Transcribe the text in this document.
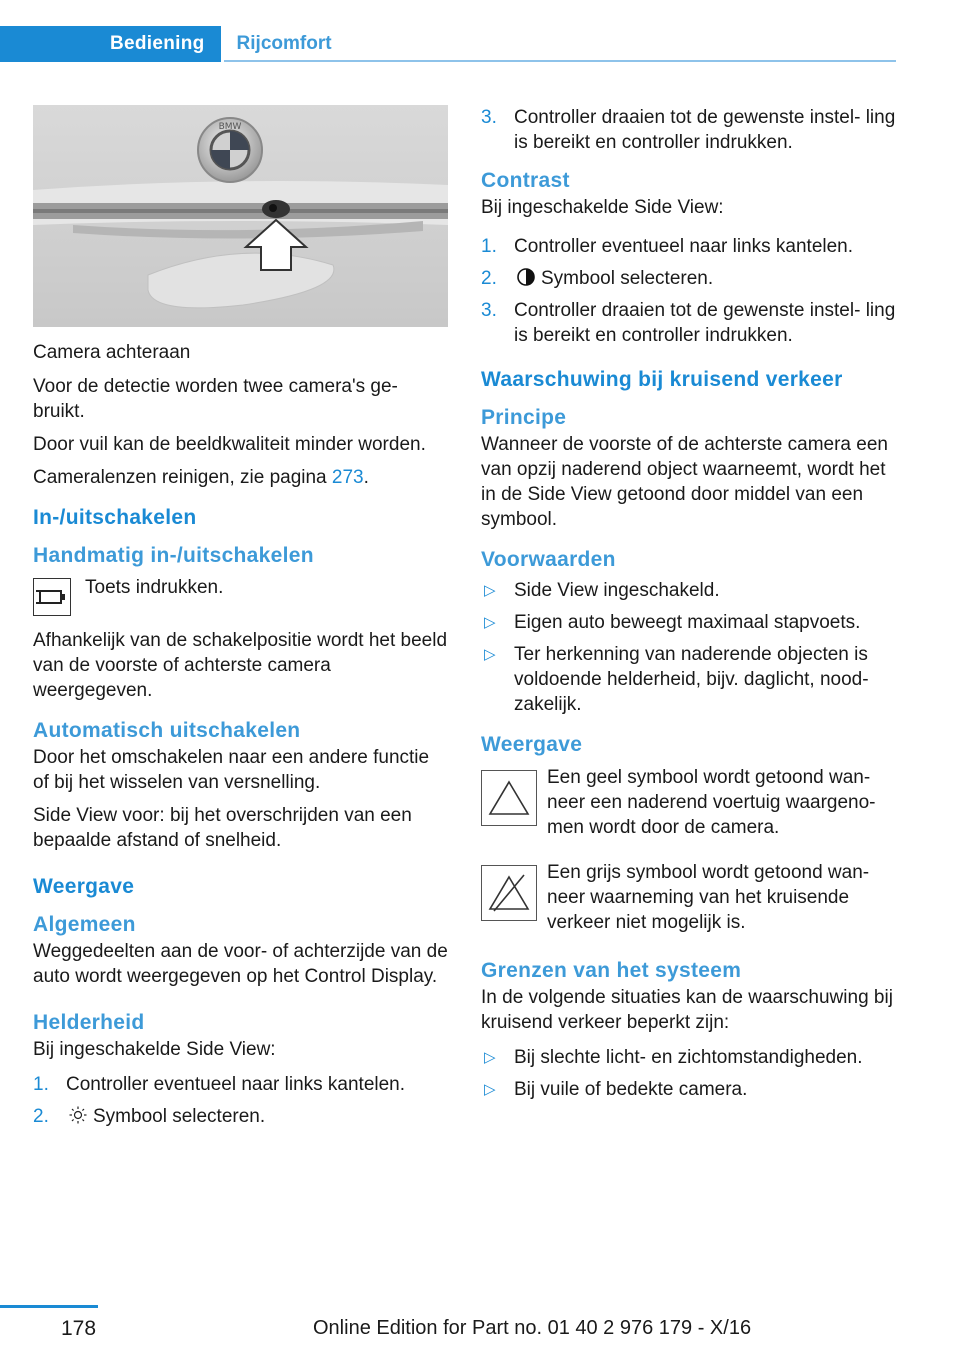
Bediening	Rijcomfort
BMW

Camera achteraan

Voor de detectie worden twee camera's ge‐ bruikt.

Door vuil kan de beeldkwaliteit minder worden.

Cameralenzen reinigen, zie pagina 273.

In-/uitschakelen
Handmatig in-/uitschakelen

Toets indrukken.

Afhankelijk van de schakelpositie wordt het beeld van de voorste of achterste camera weergegeven.

Automatisch uitschakelen

Door het omschakelen naar een andere functie of bij het wisselen van versnelling.

Side View voor: bij het overschrijden van een bepaalde afstand of snelheid.

Weergave
Algemeen

Weggedeelten aan de voor- of achterzijde van de auto wordt weergegeven op het Control Display.

Helderheid

Bij ingeschakelde Side View:

1. Controller eventueel naar links kantelen.
2.	Symbool selecteren.
3. Controller draaien tot de gewenste instel‐ ling is bereikt en controller indrukken.
Contrast

Bij ingeschakelde Side View:

1. Controller eventueel naar links kantelen.
2.	Symbool selecteren.
3. Controller draaien tot de gewenste instel‐ ling is bereikt en controller indrukken.
Waarschuwing bij kruisend verkeer
Principe

Wanneer de voorste of de achterste camera een van opzij naderend object waarneemt, wordt het in de Side View getoond door middel van een symbool.

Voorwaarden
▷ Side View ingeschakeld.
▷ Eigen auto beweegt maximaal stapvoets.
▷ Ter herkenning van naderende objecten is voldoende helderheid, bijv. daglicht, nood‐ zakelijk.
Weergave

Een geel symbool wordt getoond wan‐ neer een naderend voertuig waargeno‐ men wordt door de camera.

Een grijs symbool wordt getoond wan‐ neer waarneming van het kruisende verkeer niet mogelijk is.

Grenzen van het systeem

In de volgende situaties kan de waarschuwing bij kruisend verkeer beperkt zijn:

▷ Bij slechte licht- en zichtomstandigheden.
▷ Bij vuile of bedekte camera.
178	Online Edition for Part no. 01 40 2 976 179 - X/16
